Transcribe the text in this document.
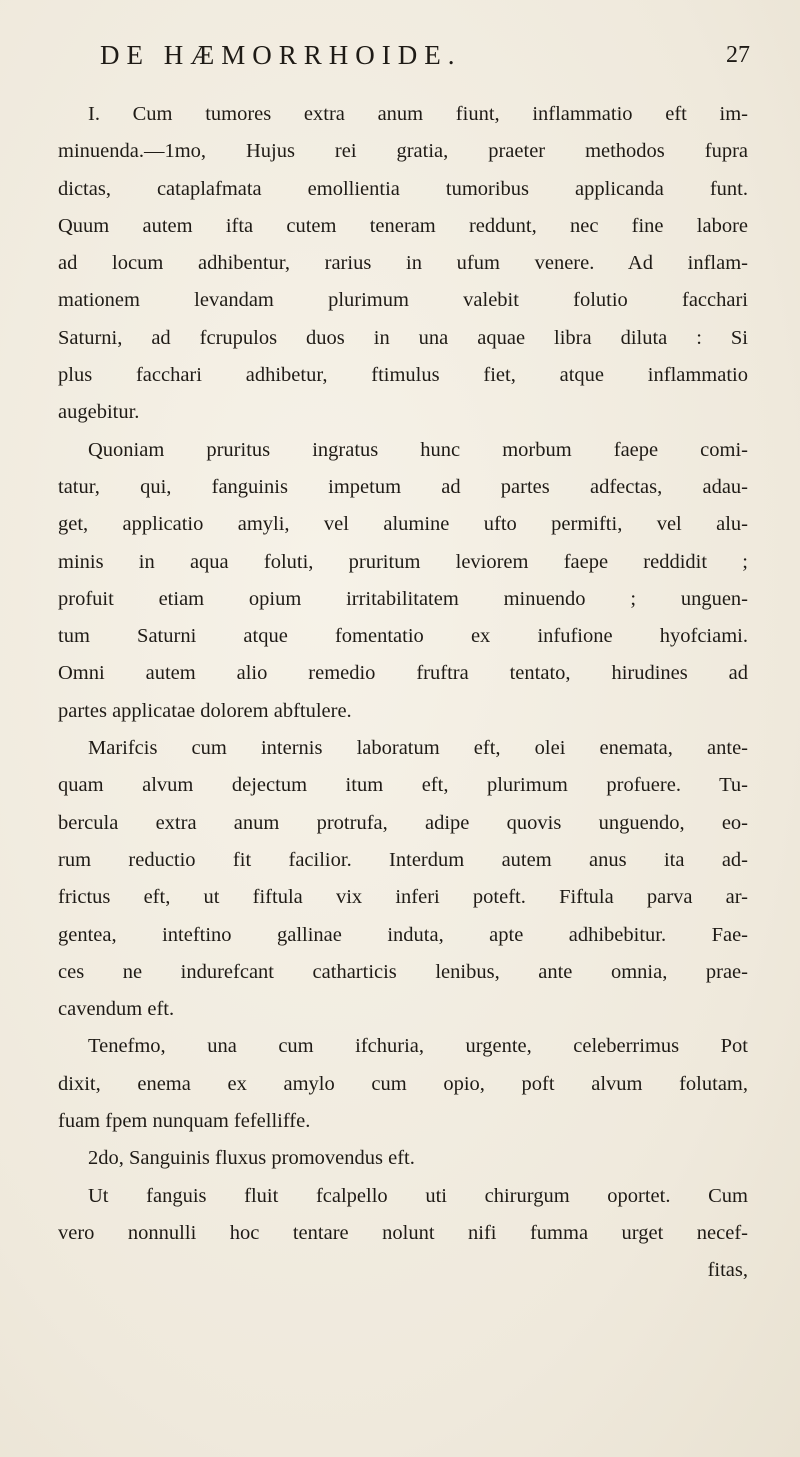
DE HÆMORRHOIDE.	27
I. Cum tumores extra anum fiunt, inflammatio eft im-
minuenda.—1mo, Hujus rei gratia, praeter methodos fupra
dictas, cataplafmata emollientia tumoribus applicanda funt.
Quum autem ifta cutem teneram reddunt, nec fine labore
ad locum adhibentur, rarius in ufum venere. Ad inflam-
mationem levandam plurimum valebit folutio facchari
Saturni, ad fcrupulos duos in una aquae libra diluta : Si
plus facchari adhibetur, ftimulus fiet, atque inflammatio
augebitur.
Quoniam pruritus ingratus hunc morbum faepe comi-
tatur, qui, fanguinis impetum ad partes adfectas, adau-
get, applicatio amyli, vel alumine ufto permifti, vel alu-
minis in aqua foluti, pruritum leviorem faepe reddidit ;
profuit etiam opium irritabilitatem minuendo ; unguen-
tum Saturni atque fomentatio ex infufione hyofciami.
Omni autem alio remedio fruftra tentato, hirudines ad
partes applicatae dolorem abftulere.
Marifcis cum internis laboratum eft, olei enemata, ante-
quam alvum dejectum itum eft, plurimum profuere. Tu-
bercula extra anum protrufa, adipe quovis unguendo, eo-
rum reductio fit facilior. Interdum autem anus ita ad-
frictus eft, ut fiftula vix inferi poteft. Fiftula parva ar-
gentea, inteftino gallinae induta, apte adhibebitur. Fae-
ces ne indurefcant catharticis lenibus, ante omnia, prae-
cavendum eft.
Tenefmo, una cum ifchuria, urgente, celeberrimus Pot
dixit, enema ex amylo cum opio, poft alvum folutam,
fuam fpem nunquam fefelliffe.
2do, Sanguinis fluxus promovendus eft.
Ut fanguis fluit fcalpello uti chirurgum oportet. Cum
vero nonnulli hoc tentare nolunt nifi fumma urget necef-
fitas,
